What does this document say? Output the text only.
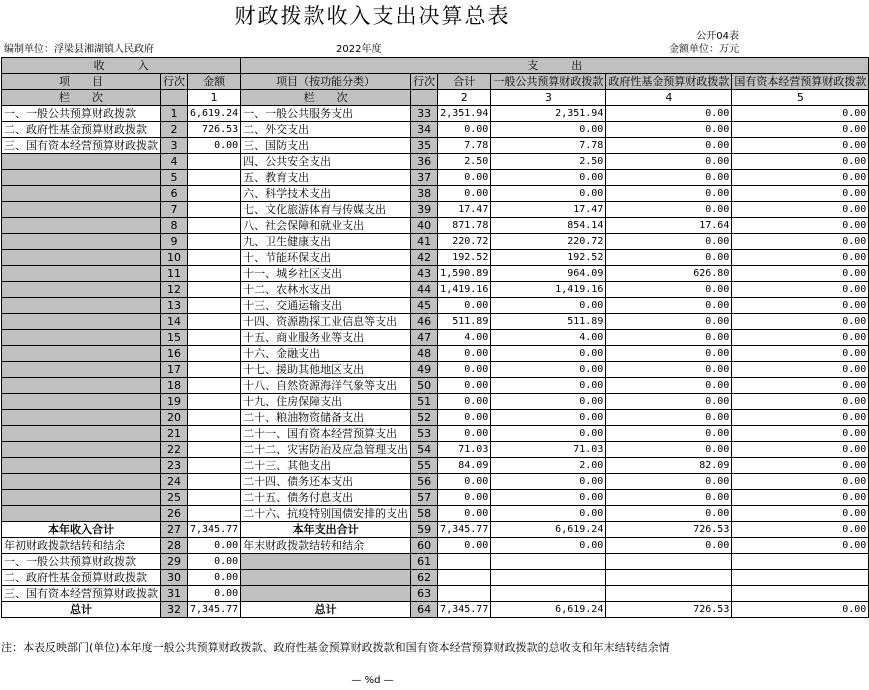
财政拨款收入支出决算总表
公开04表
编制单位：浮梁县湘湖镇人民政府	2022年度	金额单位：万元
收　　　入			支　　　出					
项　　目	行次	金额	项目（按功能分类）	行次	合计	一般公共预算财政拨款	政府性基金预算财政拨款	国有资本经营预算财政拨款
栏　　次		1	栏　　次		2	3	4	5
一、一般公共预算财政拨款	1	6,619.24	一、一般公共服务支出	33	2,351.94	2,351.94	0.00	0.00
二、政府性基金预算财政拨款	2	726.53	二、外交支出	34	0.00	0.00	0.00	0.00
三、国有资本经营预算财政拨款	3	0.00	三、国防支出	35	7.78	7.78	0.00	0.00
	4		四、公共安全支出	36	2.50	2.50	0.00	0.00
	5		五、教育支出	37	0.00	0.00	0.00	0.00
	6		六、科学技术支出	38	0.00	0.00	0.00	0.00
	7		七、文化旅游体育与传媒支出	39	17.47	17.47	0.00	0.00
	8		八、社会保障和就业支出	40	871.78	854.14	17.64	0.00
	9		九、卫生健康支出	41	220.72	220.72	0.00	0.00
	10		十、节能环保支出	42	192.52	192.52	0.00	0.00
	11		十一、城乡社区支出	43	1,590.89	964.09	626.80	0.00
	12		十二、农林水支出	44	1,419.16	1,419.16	0.00	0.00
	13		十三、交通运输支出	45	0.00	0.00	0.00	0.00
	14		十四、资源勘探工业信息等支出	46	511.89	511.89	0.00	0.00
	15		十五、商业服务业等支出	47	4.00	4.00	0.00	0.00
	16		十六、金融支出	48	0.00	0.00	0.00	0.00
	17		十七、援助其他地区支出	49	0.00	0.00	0.00	0.00
	18		十八、自然资源海洋气象等支出	50	0.00	0.00	0.00	0.00
	19		十九、住房保障支出	51	0.00	0.00	0.00	0.00
	20		二十、粮油物资储备支出	52	0.00	0.00	0.00	0.00
	21		二十一、国有资本经营预算支出	53	0.00	0.00	0.00	0.00
	22		二十二、灾害防治及应急管理支出	54	71.03	71.03	0.00	0.00
	23		二十三、其他支出	55	84.09	2.00	82.09	0.00
	24		二十四、债务还本支出	56	0.00	0.00	0.00	0.00
	25		二十五、债务付息支出	57	0.00	0.00	0.00	0.00
	26		二十六、抗疫特别国债安排的支出	58	0.00	0.00	0.00	0.00
本年收入合计	27	7,345.77	本年支出合计	59	7,345.77	6,619.24	726.53	0.00
年初财政拨款结转和结余	28	0.00	年末财政拨款结转和结余	60	0.00	0.00	0.00	0.00
一、一般公共预算财政拨款	29	0.00		61				
二、政府性基金预算财政拨款	30	0.00		62				
三、国有资本经营预算财政拨款	31	0.00		63				
总计	32	7,345.77	总计	64	7,345.77	6,619.24	726.53	0.00
注：本表反映部门(单位)本年度一般公共预算财政拨款、政府性基金预算财政拨款和国有资本经营预算财政拨款的总收支和年末结转结余情
— %d —
